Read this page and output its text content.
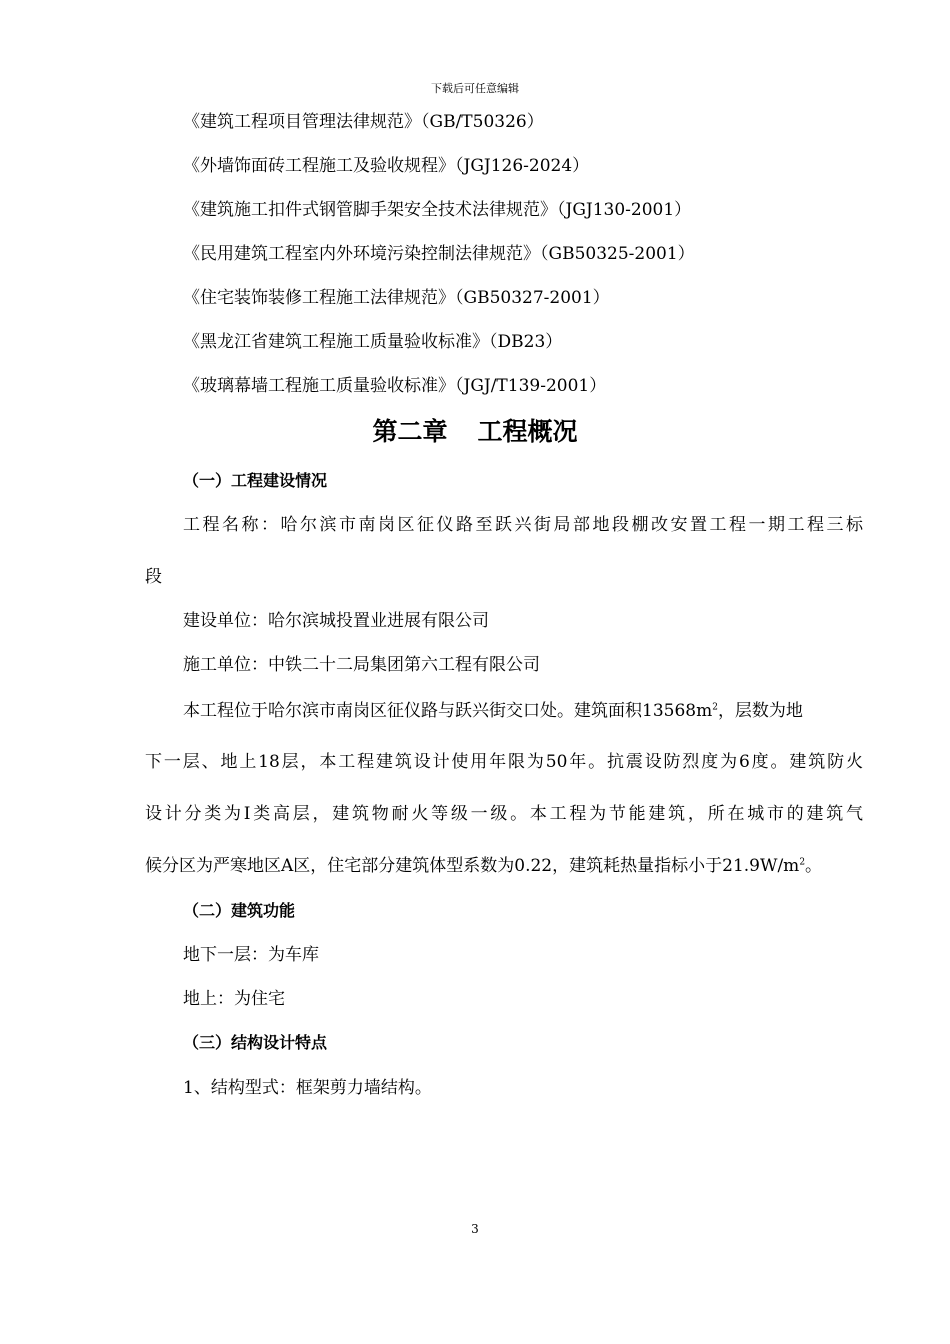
下载后可任意编辑
《建筑工程项目管理法律规范》（GB/T50326）
《外墙饰面砖工程施工及验收规程》（JGJ126-2024）
《建筑施工扣件式钢管脚手架安全技术法律规范》（JGJ130-2001）
《民用建筑工程室内外环境污染控制法律规范》（GB50325-2001）
《住宅装饰装修工程施工法律规范》（GB50327-2001）
《黑龙江省建筑工程施工质量验收标准》（DB23）
《玻璃幕墙工程施工质量验收标准》（JGJ/T139-2001）
第二章 工程概况
（一）工程建设情况
工程名称：哈尔滨市南岗区征仪路至跃兴街局部地段棚改安置工程一期工程三标
段
建设单位：哈尔滨城投置业进展有限公司
施工单位：中铁二十二局集团第六工程有限公司
本工程位于哈尔滨市南岗区征仪路与跃兴街交口处。建筑面积$13568m^2$，层数为地
下一层、地上18层，本工程建筑设计使用年限为50年。抗震设防烈度为6度。建筑防火
设计分类为Ⅰ类高层，建筑物耐火等级一级。本工程为节能建筑，所在城市的建筑气
候分区为严寒地区A区，住宅部分建筑体型系数为0.22，建筑耗热量指标小于$21.9W/m^2$。
（二）建筑功能
地下一层：为车库
地上：为住宅
（三）结构设计特点
1、结构型式：框架剪力墙结构。
3
